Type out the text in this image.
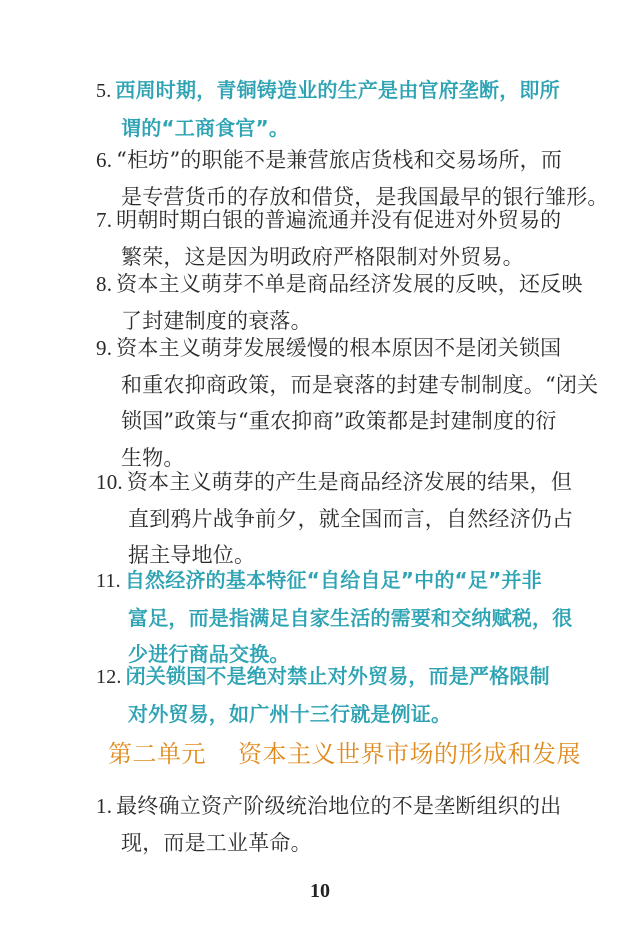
5. 西周时期，青铜铸造业的生产是由官府垄断，即所
谓的“工商食官”。
6. “柜坊”的职能不是兼营旅店货栈和交易场所，而
是专营货币的存放和借贷，是我国最早的银行雏形。
7. 明朝时期白银的普遍流通并没有促进对外贸易的
繁荣，这是因为明政府严格限制对外贸易。
8. 资本主义萌芽不单是商品经济发展的反映，还反映
了封建制度的衰落。
9. 资本主义萌芽发展缓慢的根本原因不是闭关锁国
和重农抑商政策，而是衰落的封建专制制度。“闭关
锁国”政策与“重农抑商”政策都是封建制度的衍
生物。
10. 资本主义萌芽的产生是商品经济发展的结果，但
直到鸦片战争前夕，就全国而言，自然经济仍占
据主导地位。
11. 自然经济的基本特征“自给自足”中的“足”并非
富足，而是指满足自家生活的需要和交纳赋税，很
少进行商品交换。
12. 闭关锁国不是绝对禁止对外贸易，而是严格限制
对外贸易，如广州十三行就是例证。
第二单元 资本主义世界市场的形成和发展
1. 最终确立资产阶级统治地位的不是垄断组织的出
现，而是工业革命。
10
